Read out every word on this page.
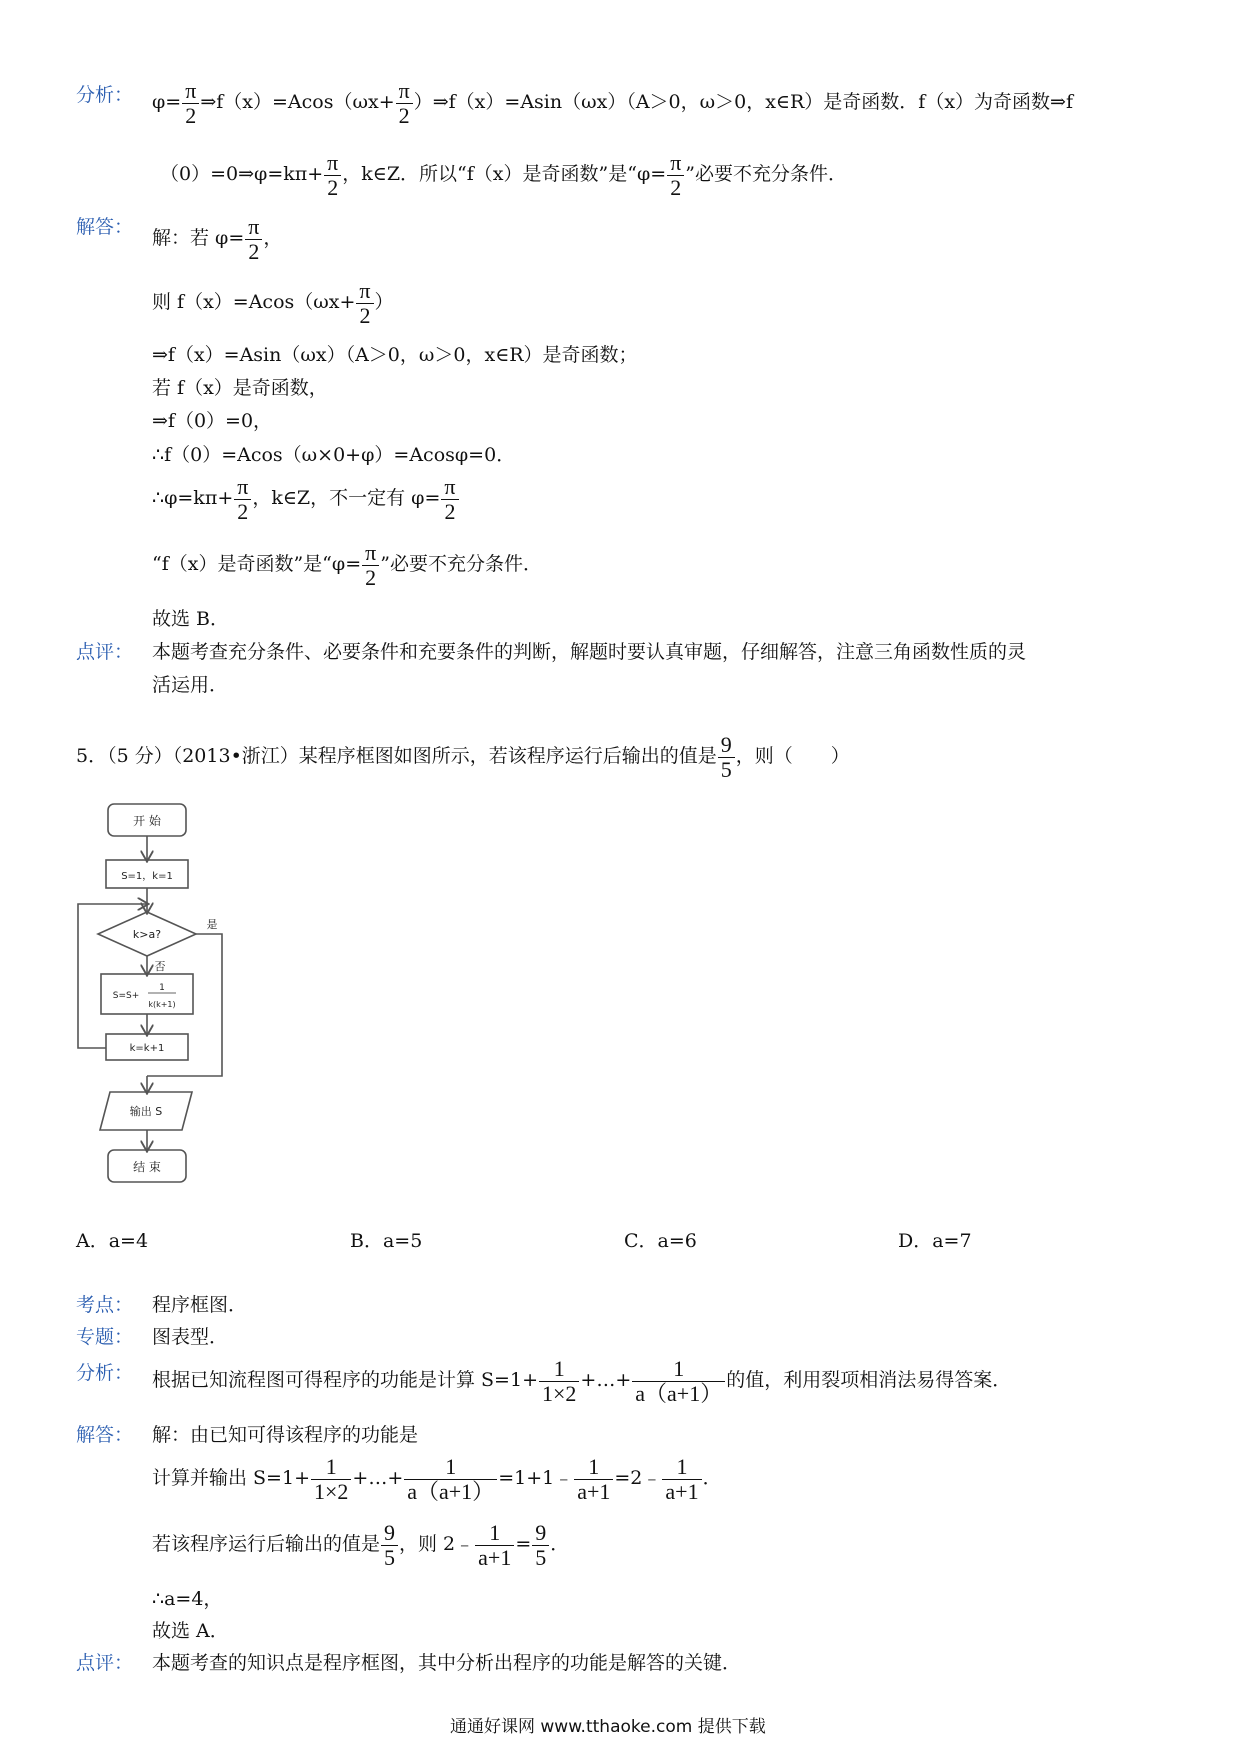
分析： $\varphi= \frac{\pi}{2}$ ⇒f（x）=Acos（ωx+ $\frac{\pi}{2}$ ）⇒f（x）=Asin（ωx）（A＞0，ω＞0，x∈R）是奇函数．f（x）为奇函数⇒f
（0）=0⇒φ=kπ+ $\frac{\pi}{2}$ ，k∈Z．所以“f（x）是奇函数”是“$\varphi= \frac{\pi}{2}$ ”必要不充分条件．
解答： 解：若 $\varphi= \frac{\pi}{2}$ ，
则 $f(x)=Acos(\omega x+ \frac{\pi}{2}$ ）
⇒f（x）=Asin（ωx）（A＞0，ω＞0，x∈R）是奇函数；
若 f（x）是奇函数，
⇒f（0）=0，
∴f（0）=Acos（ω×0+φ）=Acosφ=0．
∴φ=kπ+ $\frac{\pi}{2}$ ，k∈Z，不一定有 $\varphi= \frac{\pi}{2}$
“f（x）是奇函数”是“$\varphi= \frac{\pi}{2}$ ”必要不充分条件．
故选 B．
点评： 本题考查充分条件、必要条件和充要条件的判断，解题时要认真审题，仔细解答，注意三角函数性质的灵
活运用．
5．（5 分）（2013•浙江）某程序框图如图所示，若该程序运行后输出的值是 $\frac{9}{5}$ ，则（　　）
开 始
S=1，k=1
k>a?
是
否
S=S+
1
k(k+1)
k=k+1
输出 S
结 束
A．a=4	B．a=5	C．a=6	D．a=7
考点： 程序框图．
专题： 图表型．
分析： 根据已知流程图可得程序的功能是计算 $S=1+ \frac{1}{1\times 2}$ +…+ $\frac{1}{a(a+1)}$ 的值，利用裂项相消法易得答案．
解答： 解：由已知可得该程序的功能是
计算并输出 $S=1+ \frac{1}{1\times 2}$ +…+ $\frac{1}{a(a+1)}$ =1+1﹣ $\frac{1}{a+1}$ =2﹣ $\frac{1}{a+1}$ ．
若该程序运行后输出的值是 $\frac{9}{5}$ ，则 2﹣ $\frac{1}{a+1} = \frac{9}{5}$ ．
∴a=4，
故选 A．
点评： 本题考查的知识点是程序框图，其中分析出程序的功能是解答的关键．
通通好课网 www.tthaoke.com 提供下载
